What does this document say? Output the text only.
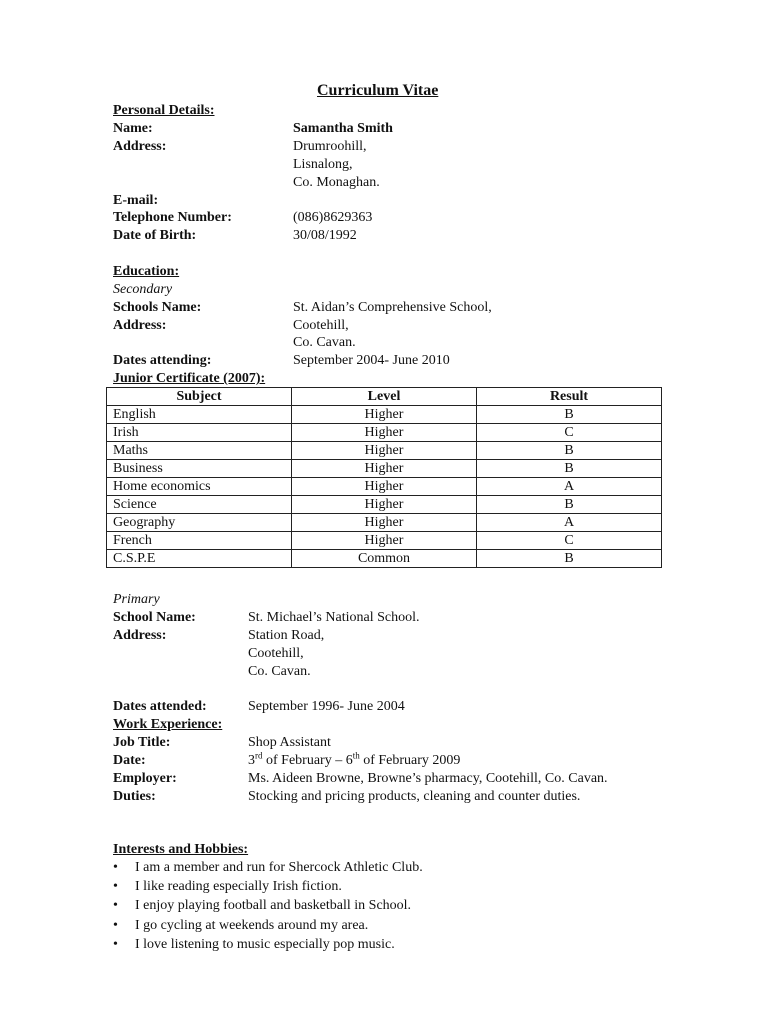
Curriculum Vitae
Personal Details:
Name:	Samantha Smith
Address:	Drumroohill,
Lisnalong,
Co. Monaghan.
E-mail:
Telephone Number:	(086)8629363
Date of Birth:	30/08/1992
Education:
Secondary
Schools Name:	St. Aidan’s Comprehensive School,
Address:	Cootehill,
Co. Cavan.
Dates attending:	September 2004- June 2010
Junior Certificate (2007):
Subject	Level	Result
English	Higher	B
Irish	Higher	C
Maths	Higher	B
Business	Higher	B
Home economics	Higher	A
Science	Higher	B
Geography	Higher	A
French	Higher	C
C.S.P.E	Common	B
Primary
School Name:	St. Michael’s National School.
Address:	Station Road,
Cootehill,
Co. Cavan.
Dates attended:	September 1996- June 2004
Work Experience:
Job Title:	Shop Assistant
Date:	3rd of February – 6th of February 2009
Employer:	Ms. Aideen Browne, Browne’s pharmacy, Cootehill, Co. Cavan.
Duties:	Stocking and pricing products, cleaning and counter duties.
Interests and Hobbies:
• I am a member and run for Shercock Athletic Club.
• I like reading especially Irish fiction.
• I enjoy playing football and basketball in School.
• I go cycling at weekends around my area.
• I love listening to music especially pop music.
